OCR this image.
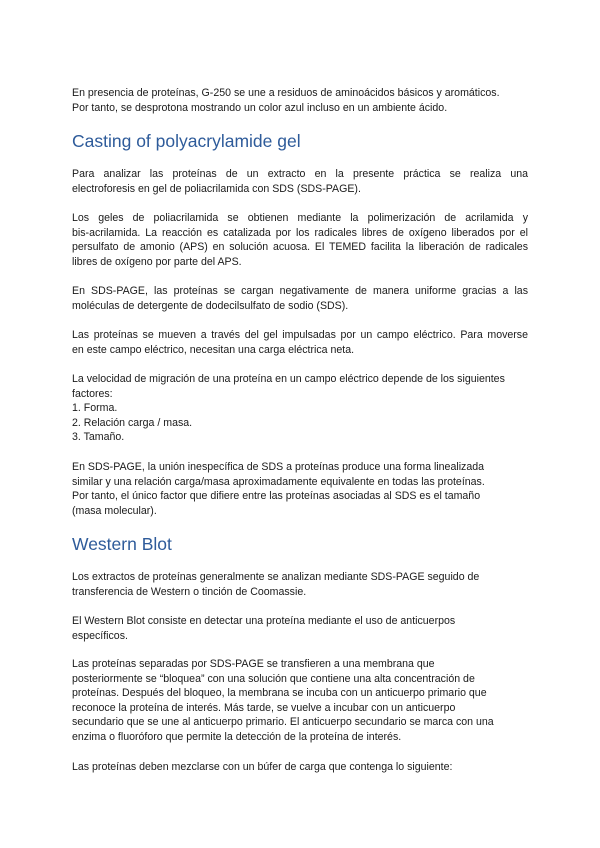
En presencia de proteínas, G-250 se une a residuos de aminoácidos básicos y aromáticos.
Por tanto, se desprotona mostrando un color azul incluso en un ambiente ácido.

Casting of polyacrylamide gel

Para analizar las proteínas de un extracto en la presente práctica se realiza una
electroforesis en gel de poliacrilamida con SDS (SDS-PAGE).

Los geles de poliacrilamida se obtienen mediante la polimerización de acrilamida y
bis-acrilamida. La reacción es catalizada por los radicales libres de oxígeno liberados por el
persulfato de amonio (APS) en solución acuosa. El TEMED facilita la liberación de radicales
libres de oxígeno por parte del APS.

En SDS-PAGE, las proteínas se cargan negativamente de manera uniforme gracias a las
moléculas de detergente de dodecilsulfato de sodio (SDS).

Las proteínas se mueven a través del gel impulsadas por un campo eléctrico. Para moverse
en este campo eléctrico, necesitan una carga eléctrica neta.

La velocidad de migración de una proteína en un campo eléctrico depende de los siguientes
factores:
1. Forma.
2. Relación carga / masa.
3. Tamaño.

En SDS-PAGE, la unión inespecífica de SDS a proteínas produce una forma linealizada
similar y una relación carga/masa aproximadamente equivalente en todas las proteínas.
Por tanto, el único factor que difiere entre las proteínas asociadas al SDS es el tamaño
(masa molecular).

Western Blot

Los extractos de proteínas generalmente se analizan mediante SDS-PAGE seguido de
transferencia de Western o tinción de Coomassie.

El Western Blot consiste en detectar una proteína mediante el uso de anticuerpos
específicos.

Las proteínas separadas por SDS-PAGE se transfieren a una membrana que
posteriormente se “bloquea” con una solución que contiene una alta concentración de
proteínas. Después del bloqueo, la membrana se incuba con un anticuerpo primario que
reconoce la proteína de interés. Más tarde, se vuelve a incubar con un anticuerpo
secundario que se une al anticuerpo primario. El anticuerpo secundario se marca con una
enzima o fluoróforo que permite la detección de la proteína de interés.

Las proteínas deben mezclarse con un búfer de carga que contenga lo siguiente:
